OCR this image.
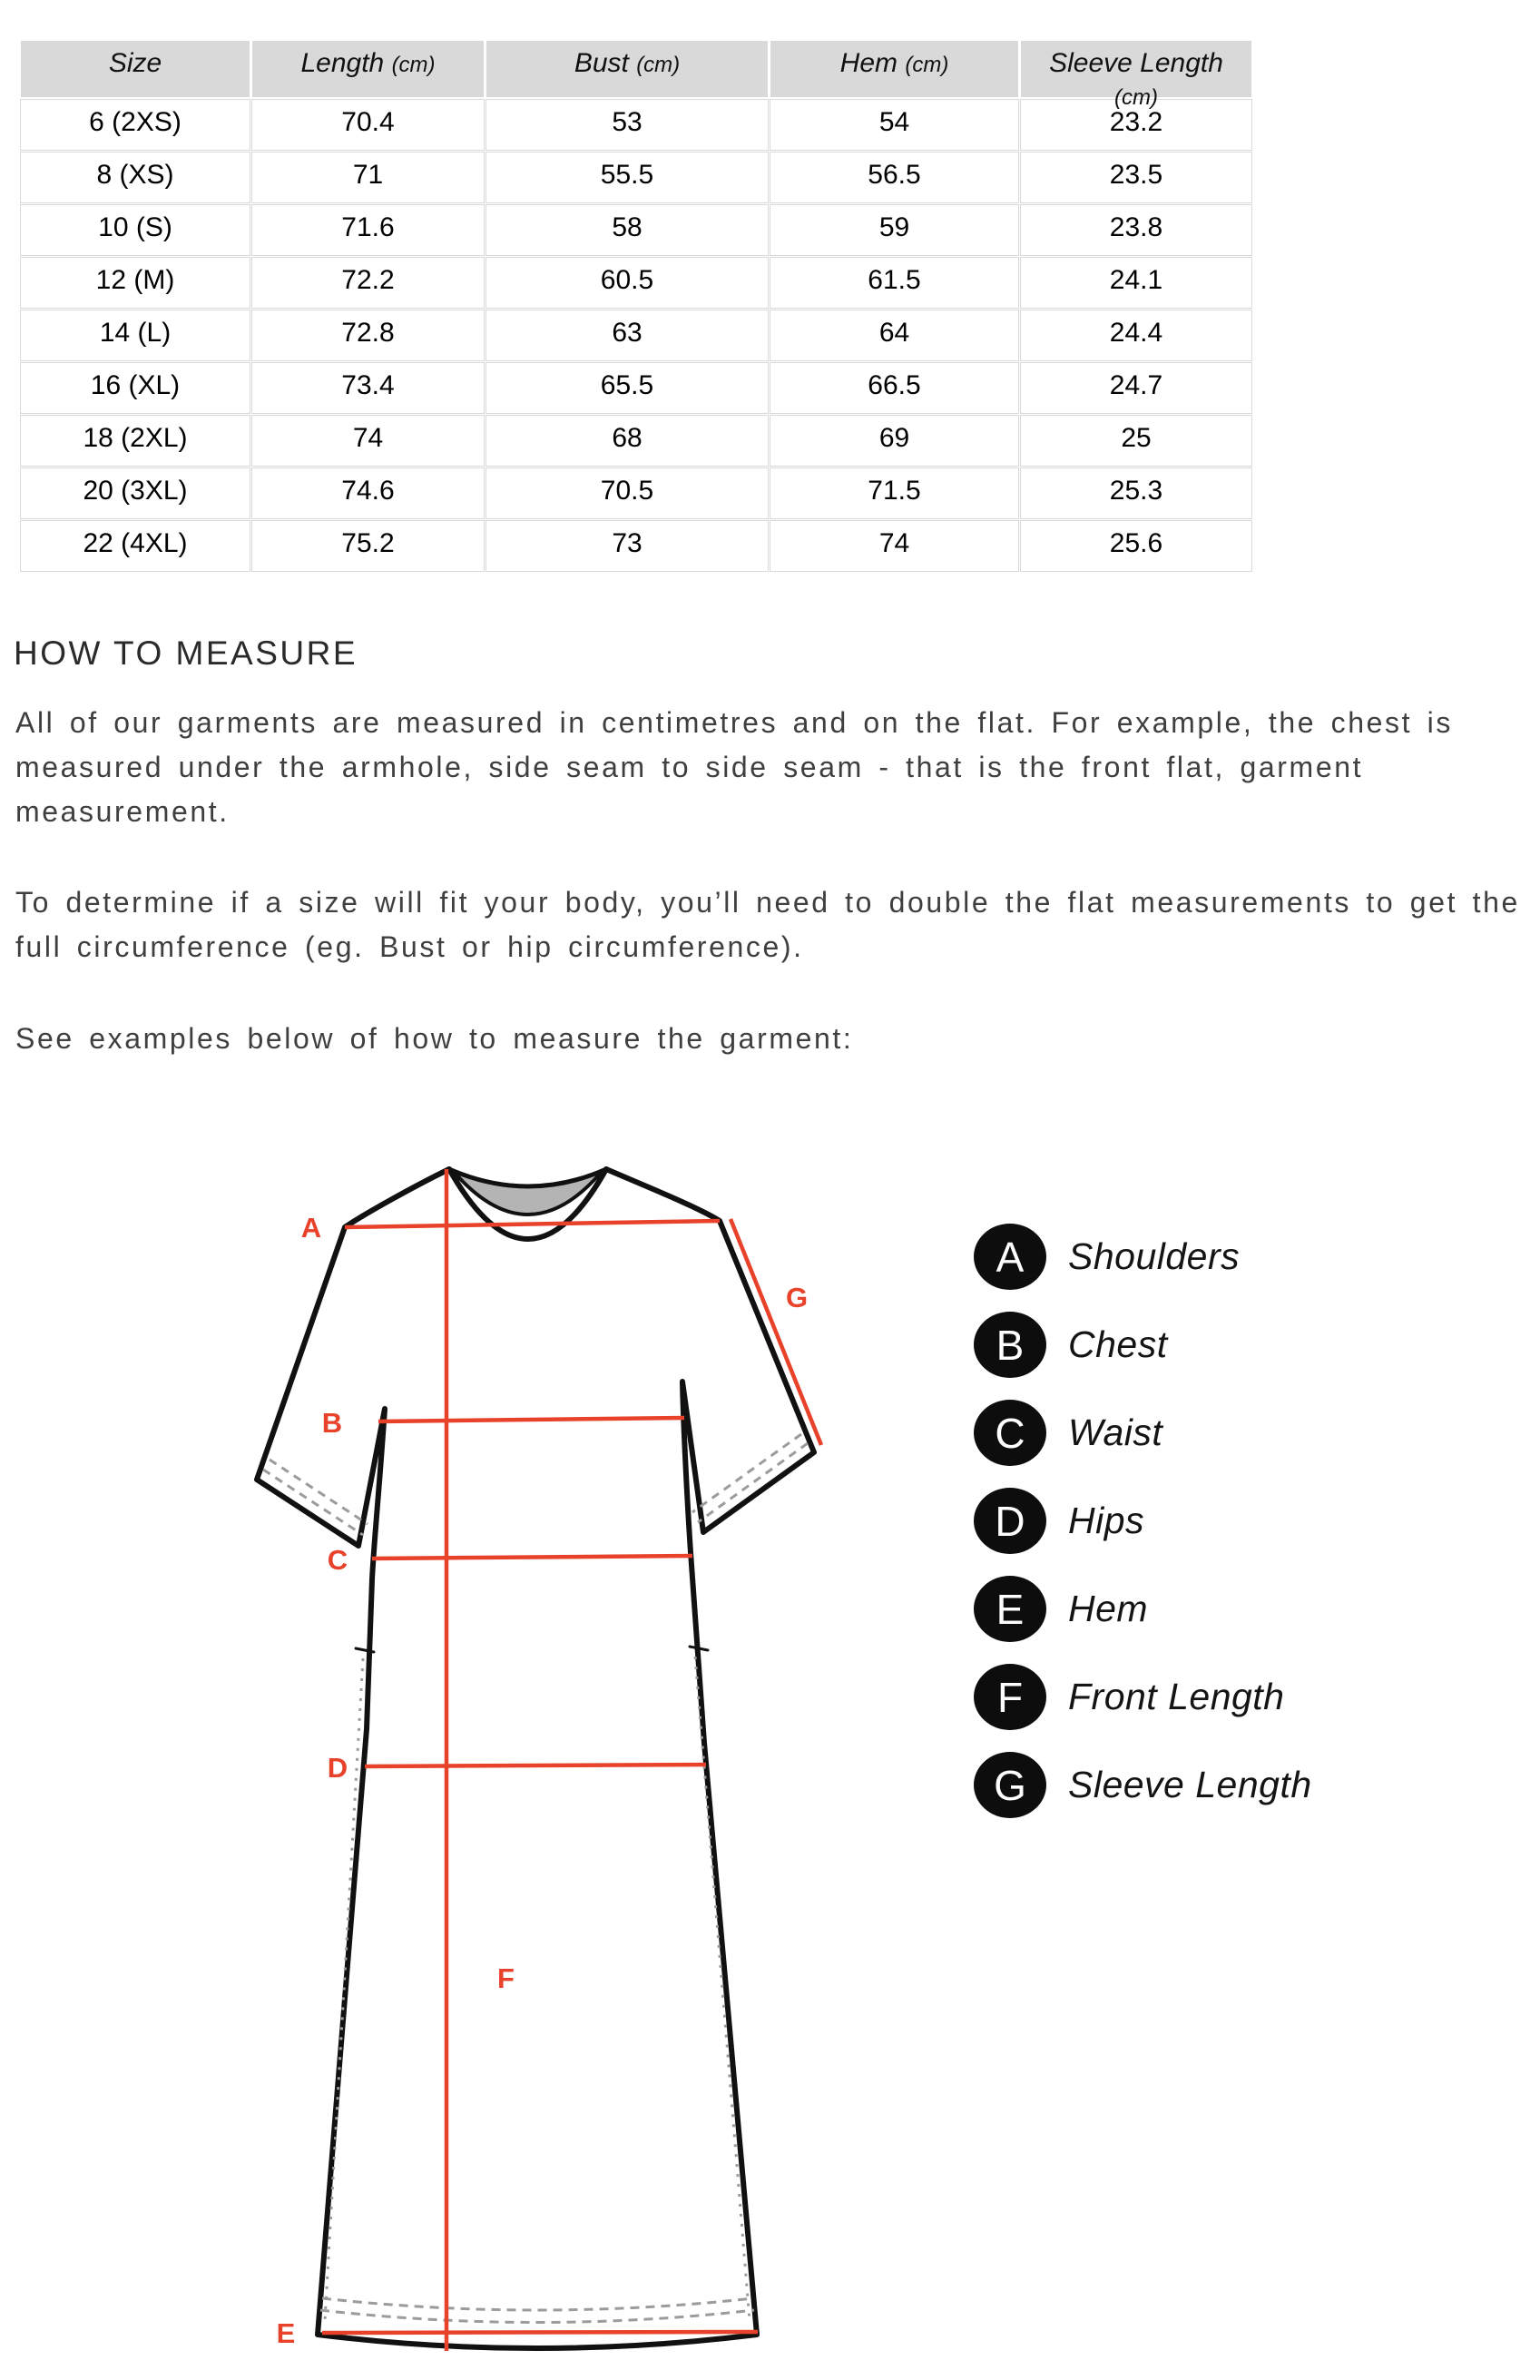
Size	Length (cm)	Bust (cm)	Hem (cm)	Sleeve Length (cm)

6 (2XS)	70.4	53	54	23.2
8 (XS)	71	55.5	56.5	23.5
10 (S)	71.6	58	59	23.8
12 (M)	72.2	60.5	61.5	24.1
14 (L)	72.8	63	64	24.4
16 (XL)	73.4	65.5	66.5	24.7
18 (2XL)	74	68	69	25
20 (3XL)	74.6	70.5	71.5	25.3
22 (4XL)	75.2	73	74	25.6
HOW TO MEASURE

All of our garments are measured in centimetres and on the flat. For example, the chest is measured under the armhole, side seam to side seam - that is the front flat, garment measurement.

To determine if a size will fit your body, you’ll need to double the flat measurements to get the full circumference (eg. Bust or hip circumference).

See examples below of how to measure the garment:

A
B
C
D
E
F
G
A	Shoulders
B	Chest
C	Waist
D	Hips
E	Hem
F	Front Length
G	Sleeve Length
